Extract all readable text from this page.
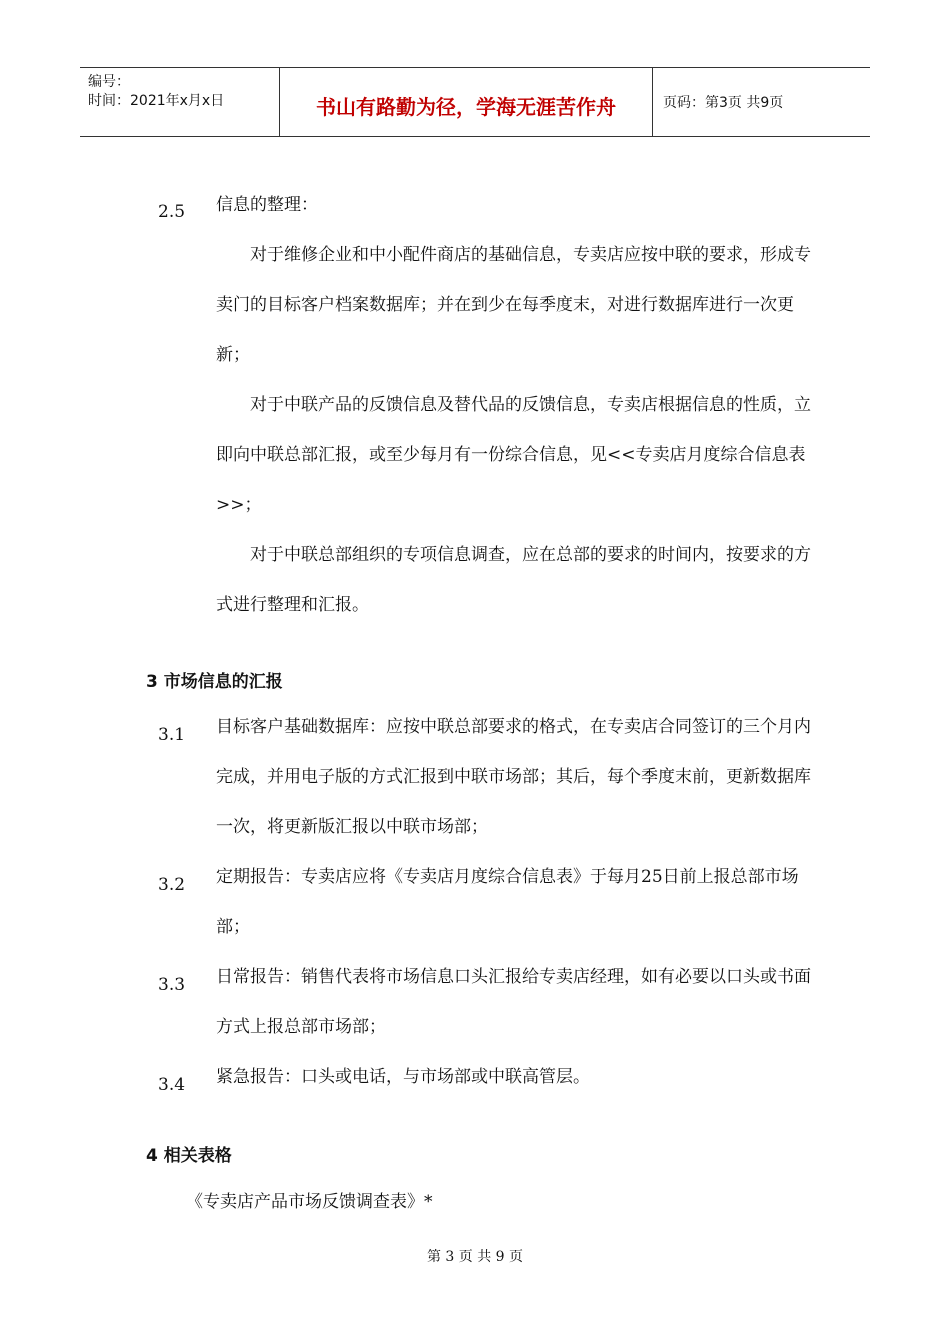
编号：
时间：2021年x月x日	书山有路勤为径，学海无涯苦作舟	页码：第3页 共9页
2.5 信息的整理：
对于维修企业和中小配件商店的基础信息，专卖店应按中联的要求，形成专卖门的目标客户档案数据库；并在到少在每季度末，对进行数据库进行一次更新；
对于中联产品的反馈信息及替代品的反馈信息，专卖店根据信息的性质，立即向中联总部汇报，或至少每月有一份综合信息，见<<专卖店月度综合信息表>>；
对于中联总部组织的专项信息调查，应在总部的要求的时间内，按要求的方式进行整理和汇报。
3 市场信息的汇报
3.1 目标客户基础数据库：应按中联总部要求的格式，在专卖店合同签订的三个月内完成，并用电子版的方式汇报到中联市场部；其后，每个季度末前，更新数据库一次，将更新版汇报以中联市场部；
3.2 定期报告：专卖店应将《专卖店月度综合信息表》于每月25日前上报总部市场部；
3.3 日常报告：销售代表将市场信息口头汇报给专卖店经理，如有必要以口头或书面方式上报总部市场部；
3.4 紧急报告：口头或电话，与市场部或中联高管层。
4 相关表格
《专卖店产品市场反馈调查表》*
第 3 页 共 9 页
